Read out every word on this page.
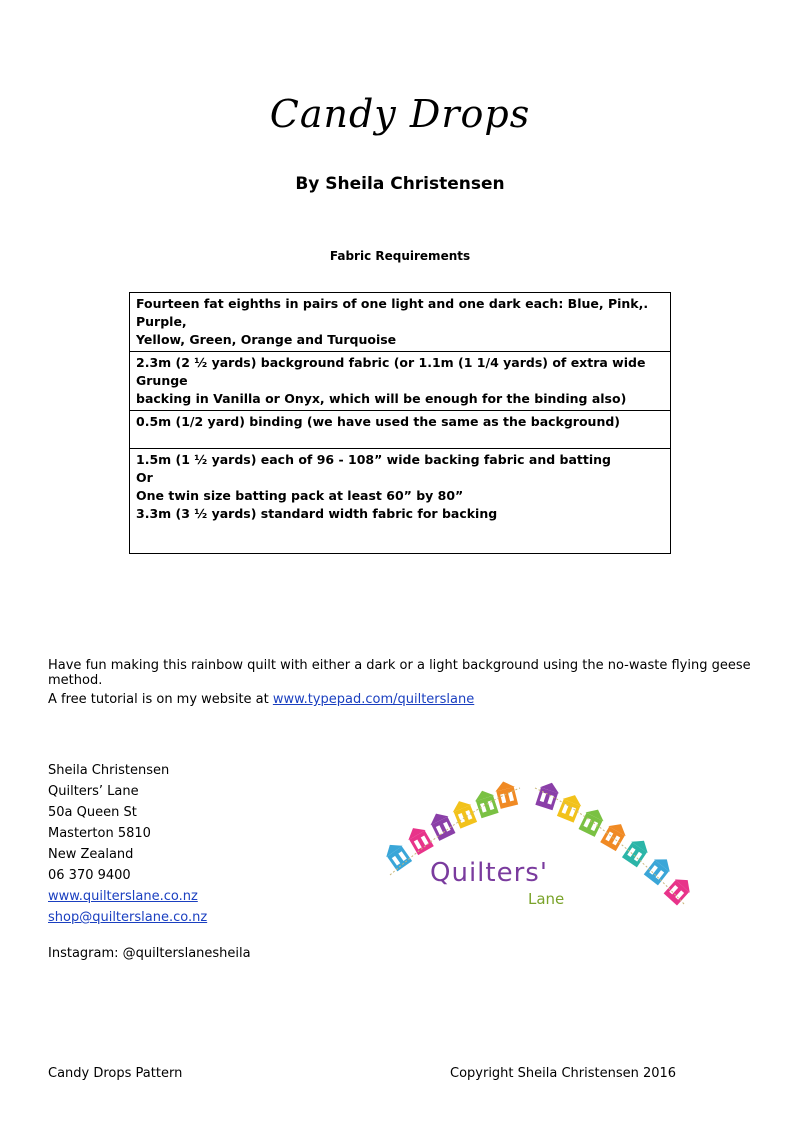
Candy Drops
By Sheila Christensen
Fabric Requirements
Fourteen fat eighths in pairs of one light and one dark each: Blue, Pink,. Purple,
Yellow, Green, Orange and Turquoise

2.3m (2 ½ yards) background fabric (or 1.1m (1 1/4 yards) of extra wide Grunge
backing in Vanilla or Onyx, which will be enough for the binding also)

0.5m (1/2 yard) binding (we have used the same as the background)

1.5m (1 ½ yards) each of 96 - 108” wide backing fabric and batting
Or
One twin size batting pack at least 60” by 80”
3.3m (3 ½ yards) standard width fabric for backing
Have fun making this rainbow quilt with either a dark or a light background using the no-waste flying geese method.
A free tutorial is on my website at www.typepad.com/quilterslane
Sheila Christensen
Quilters’ Lane
50a Queen St
Masterton 5810
New Zealand
06 370 9400
www.quilterslane.co.nz
shop@quilterslane.co.nz
Instagram: @quilterslanesheila
Quilters'
Lane
Candy Drops Pattern	Copyright Sheila Christensen 2016
